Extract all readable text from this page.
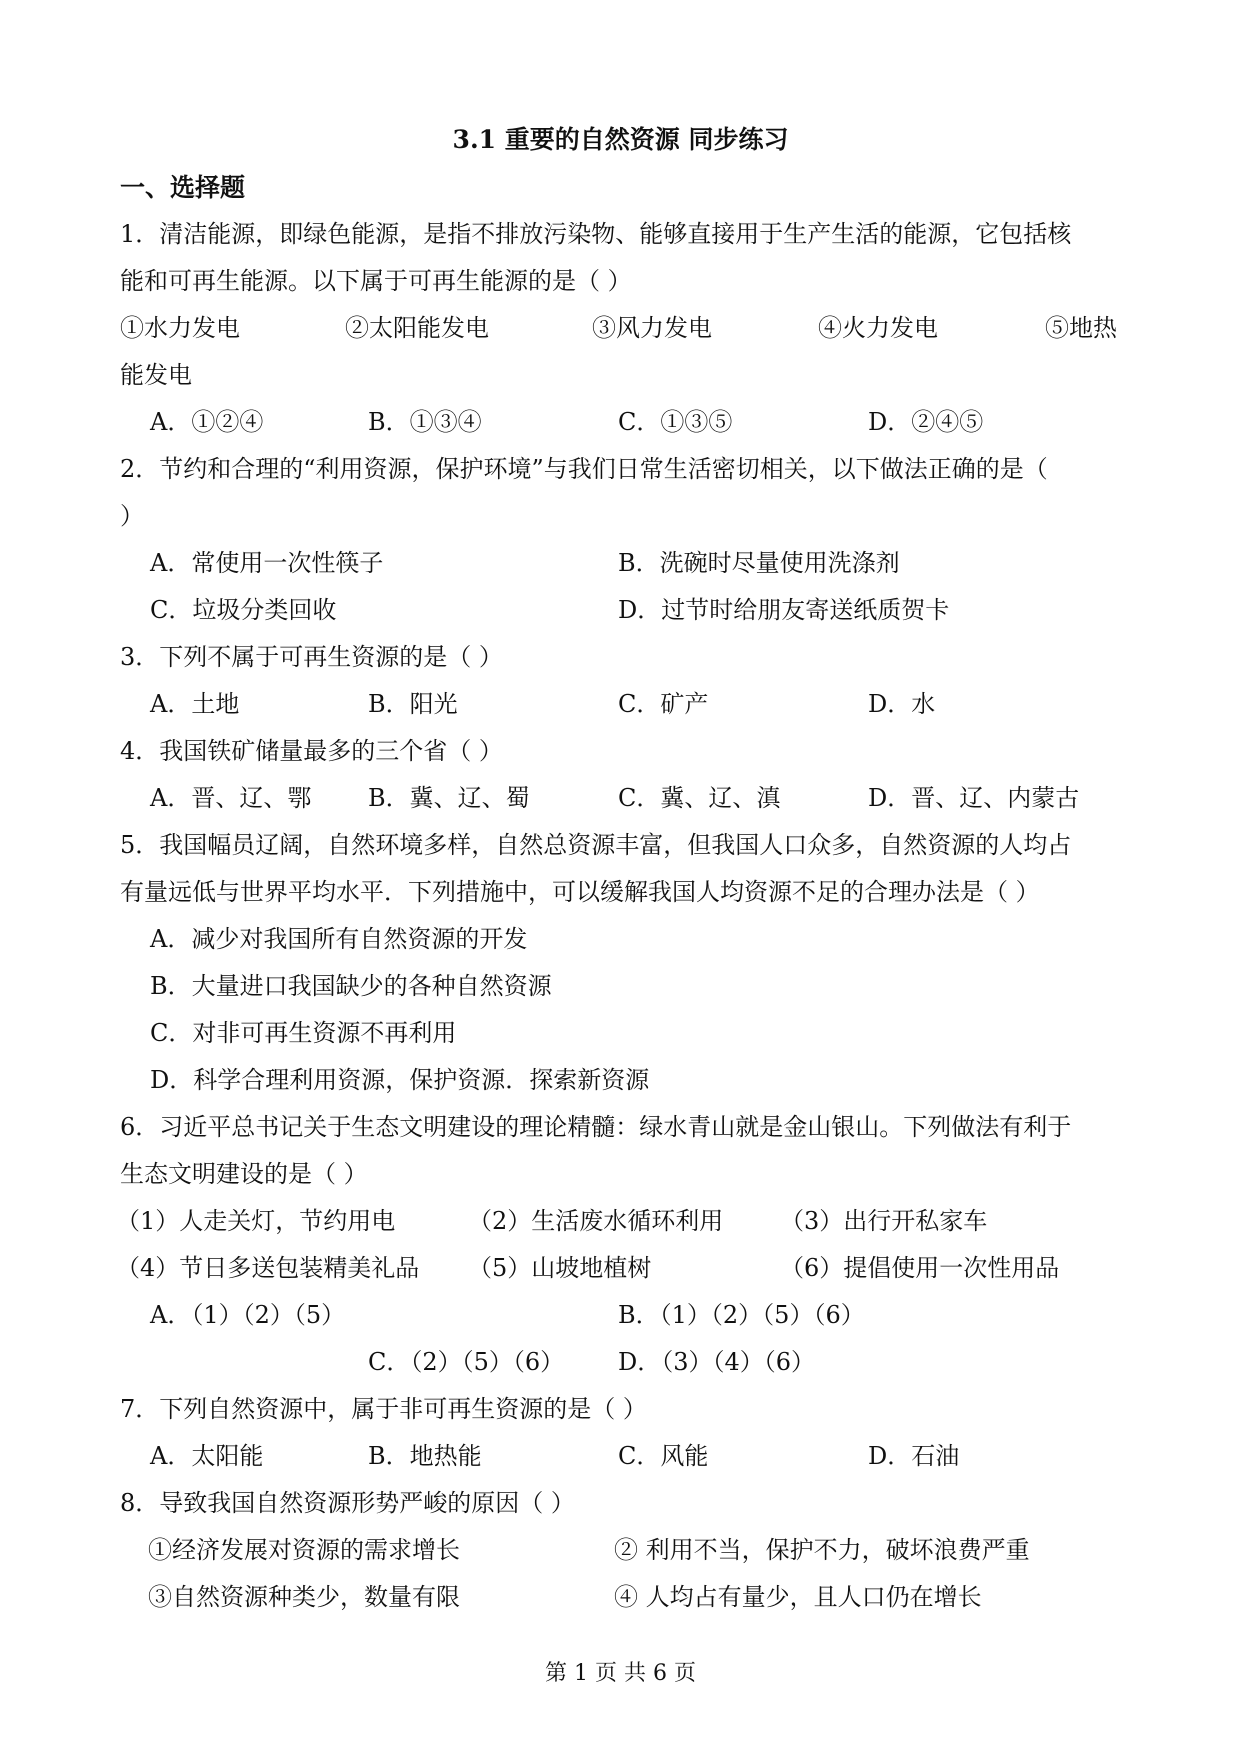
3.1 重要的自然资源 同步练习
一、选择题
1．清洁能源，即绿色能源，是指不排放污染物、能够直接用于生产生活的能源，它包括核
能和可再生能源。以下属于可再生能源的是（ ）
①水力发电	②太阳能发电	③风力发电	④火力发电	⑤地热
能发电
A．①②④	B．①③④	C．①③⑤	D．②④⑤
2．节约和合理的“利用资源，保护环境”与我们日常生活密切相关，以下做法正确的是（
）
A．常使用一次性筷子	B．洗碗时尽量使用洗涤剂
C．垃圾分类回收	D．过节时给朋友寄送纸质贺卡
3．下列不属于可再生资源的是（ ）
A．土地	B．阳光	C．矿产	D．水
4．我国铁矿储量最多的三个省（ ）
A．晋、辽、鄂 B．冀、辽、蜀	C．冀、辽、滇	D．晋、辽、内蒙古
5．我国幅员辽阔，自然环境多样，自然总资源丰富，但我国人口众多，自然资源的人均占
有量远低与世界平均水平．下列措施中，可以缓解我国人均资源不足的合理办法是（ ）
A．减少对我国所有自然资源的开发
B．大量进口我国缺少的各种自然资源
C．对非可再生资源不再利用
D．科学合理利用资源，保护资源．探索新资源
6．习近平总书记关于生态文明建设的理论精髓：绿水青山就是金山银山。下列做法有利于
生态文明建设的是（ ）
（1）人走关灯，节约用电	（2）生活废水循环利用 （3）出行开私家车
（4）节日多送包装精美礼品 （5）山坡地植树	（6）提倡使用一次性用品
A．（1）（2）（5）	B．（1）（2）（5）（6）
C．（2）（5）（6） D．（3）（4）（6）
7．下列自然资源中，属于非可再生资源的是（ ）
A．太阳能	B．地热能	C．风能	D．石油
8．导致我国自然资源形势严峻的原因（ ）
①经济发展对资源的需求增长	② 利用不当，保护不力，破坏浪费严重
③自然资源种类少，数量有限	④ 人均占有量少，且人口仍在增长
第 1 页 共 6 页
